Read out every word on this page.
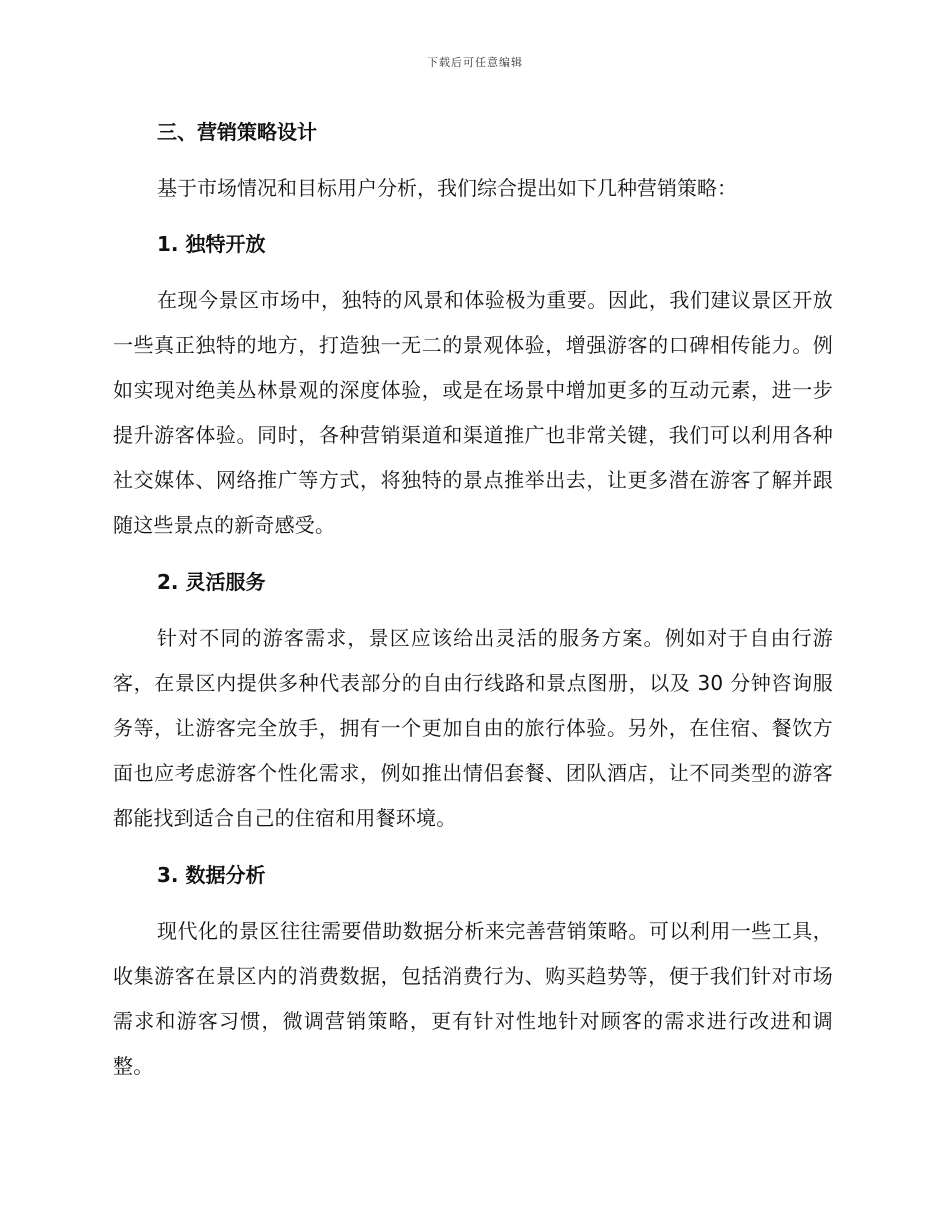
下载后可任意编辑
三、营销策略设计
基于市场情况和目标用户分析，我们综合提出如下几种营销策略：
1. 独特开放

在现今景区市场中，独特的风景和体验极为重要。因此，我们建议景区开放一些真正独特的地方，打造独一无二的景观体验，增强游客的口碑相传能力。例如实现对绝美丛林景观的深度体验，或是在场景中增加更多的互动元素，进一步提升游客体验。同时，各种营销渠道和渠道推广也非常关键，我们可以利用各种社交媒体、网络推广等方式，将独特的景点推举出去，让更多潜在游客了解并跟随这些景点的新奇感受。

2. 灵活服务

针对不同的游客需求，景区应该给出灵活的服务方案。例如对于自由行游客，在景区内提供多种代表部分的自由行线路和景点图册，以及 30 分钟咨询服务等，让游客完全放手，拥有一个更加自由的旅行体验。另外，在住宿、餐饮方面也应考虑游客个性化需求，例如推出情侣套餐、团队酒店，让不同类型的游客都能找到适合自己的住宿和用餐环境。

3. 数据分析

现代化的景区往往需要借助数据分析来完善营销策略。可以利用一些工具，收集游客在景区内的消费数据，包括消费行为、购买趋势等，便于我们针对市场需求和游客习惯，微调营销策略，更有针对性地针对顾客的需求进行改进和调整。
